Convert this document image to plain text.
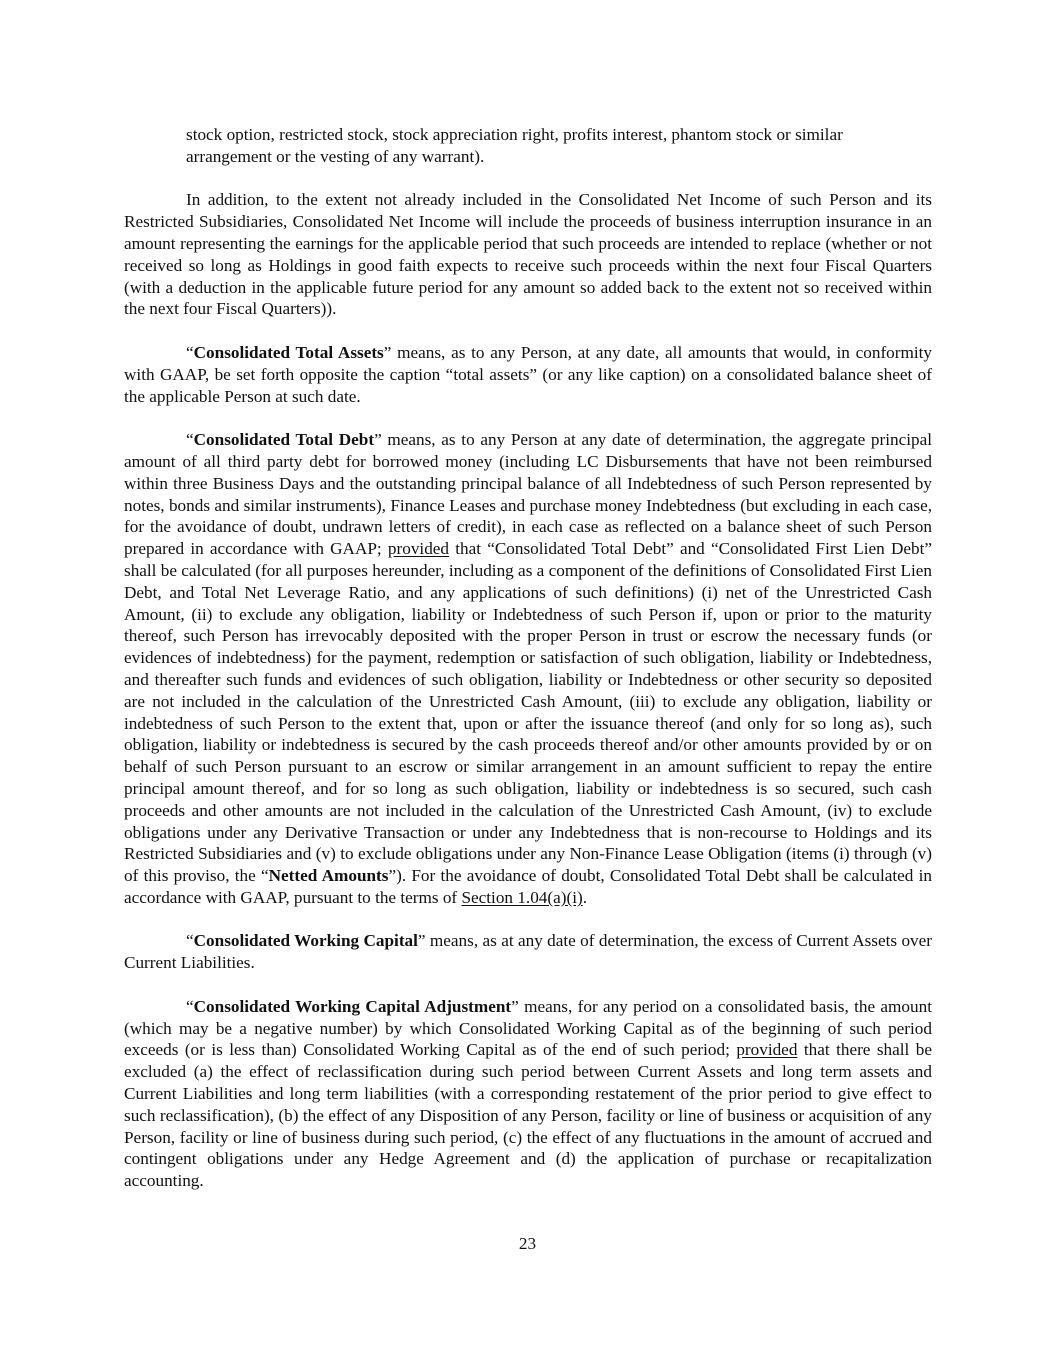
stock option, restricted stock, stock appreciation right, profits interest, phantom stock or similar arrangement or the vesting of any warrant).

In addition, to the extent not already included in the Consolidated Net Income of such Person and its Restricted Subsidiaries, Consolidated Net Income will include the proceeds of business interruption insurance in an amount representing the earnings for the applicable period that such proceeds are intended to replace (whether or not received so long as Holdings in good faith expects to receive such proceeds within the next four Fiscal Quarters (with a deduction in the applicable future period for any amount so added back to the extent not so received within the next four Fiscal Quarters)).

“Consolidated Total Assets” means, as to any Person, at any date, all amounts that would, in conformity with GAAP, be set forth opposite the caption “total assets” (or any like caption) on a consolidated balance sheet of the applicable Person at such date.

“Consolidated Total Debt” means, as to any Person at any date of determination, the aggregate principal amount of all third party debt for borrowed money (including LC Disbursements that have not been reimbursed within three Business Days and the outstanding principal balance of all Indebtedness of such Person represented by notes, bonds and similar instruments), Finance Leases and purchase money Indebtedness (but excluding in each case, for the avoidance of doubt, undrawn letters of credit), in each case as reflected on a balance sheet of such Person prepared in accordance with GAAP; provided that “Consolidated Total Debt” and “Consolidated First Lien Debt” shall be calculated (for all purposes hereunder, including as a component of the definitions of Consolidated First Lien Debt, and Total Net Leverage Ratio, and any applications of such definitions) (i) net of the Unrestricted Cash Amount, (ii) to exclude any obligation, liability or Indebtedness of such Person if, upon or prior to the maturity thereof, such Person has irrevocably deposited with the proper Person in trust or escrow the necessary funds (or evidences of indebtedness) for the payment, redemption or satisfaction of such obligation, liability or Indebtedness, and thereafter such funds and evidences of such obligation, liability or Indebtedness or other security so deposited are not included in the calculation of the Unrestricted Cash Amount, (iii) to exclude any obligation, liability or indebtedness of such Person to the extent that, upon or after the issuance thereof (and only for so long as), such obligation, liability or indebtedness is secured by the cash proceeds thereof and/or other amounts provided by or on behalf of such Person pursuant to an escrow or similar arrangement in an amount sufficient to repay the entire principal amount thereof, and for so long as such obligation, liability or indebtedness is so secured, such cash proceeds and other amounts are not included in the calculation of the Unrestricted Cash Amount, (iv) to exclude obligations under any Derivative Transaction or under any Indebtedness that is non-recourse to Holdings and its Restricted Subsidiaries and (v) to exclude obligations under any Non-Finance Lease Obligation (items (i) through (v) of this proviso, the “Netted Amounts”). For the avoidance of doubt, Consolidated Total Debt shall be calculated in accordance with GAAP, pursuant to the terms of Section 1.04(a)(i).

“Consolidated Working Capital” means, as at any date of determination, the excess of Current Assets over Current Liabilities.

“Consolidated Working Capital Adjustment” means, for any period on a consolidated basis, the amount (which may be a negative number) by which Consolidated Working Capital as of the beginning of such period exceeds (or is less than) Consolidated Working Capital as of the end of such period; provided that there shall be excluded (a) the effect of reclassification during such period between Current Assets and long term assets and Current Liabilities and long term liabilities (with a corresponding restatement of the prior period to give effect to such reclassification), (b) the effect of any Disposition of any Person, facility or line of business or acquisition of any Person, facility or line of business during such period, (c) the effect of any fluctuations in the amount of accrued and contingent obligations under any Hedge Agreement and (d) the application of purchase or recapitalization accounting.

23
